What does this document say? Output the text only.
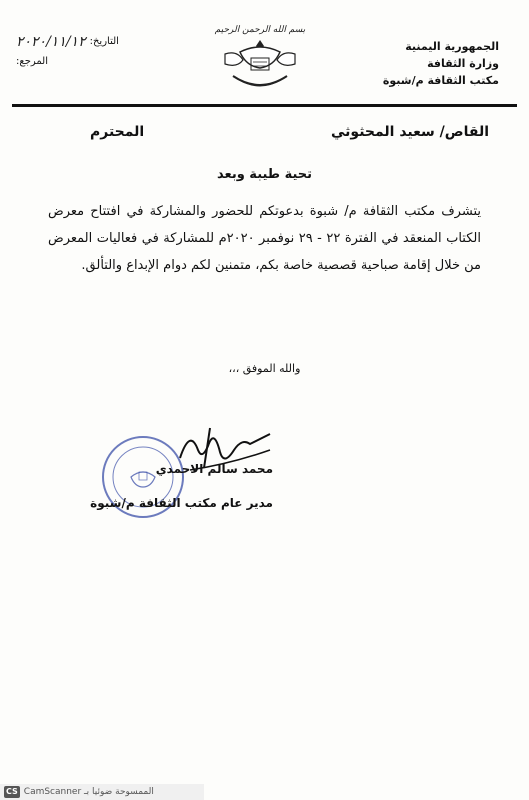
الجمهورية اليمنية
وزارة الثقافة
مكتب الثقافة م/شبوة
بسم الله الرحمن الرحيم
التاريخ:
٢٠٢٠/١١/١٢
المرجع:
القاص/ سعيد المحثوثي
المحترم
تحية طيبة وبعد
يتشرف مكتب الثقافة م/ شبوة بدعوتكم للحضور والمشاركة في افتتاح معرض الكتاب المنعقد في الفترة ٢٢ - ٢٩ نوفمبر ٢٠٢٠م للمشاركة في فعاليات المعرض من خلال إقامة صباحية قصصية خاصة بكم، متمنين لكم دوام الإبداع والتألق.
والله الموفق ،،،
محمد سالم الاحمدي
مدير عام مكتب الثقافة م/شبوة
CS CamScanner الممسوحة ضوئيا بـ
